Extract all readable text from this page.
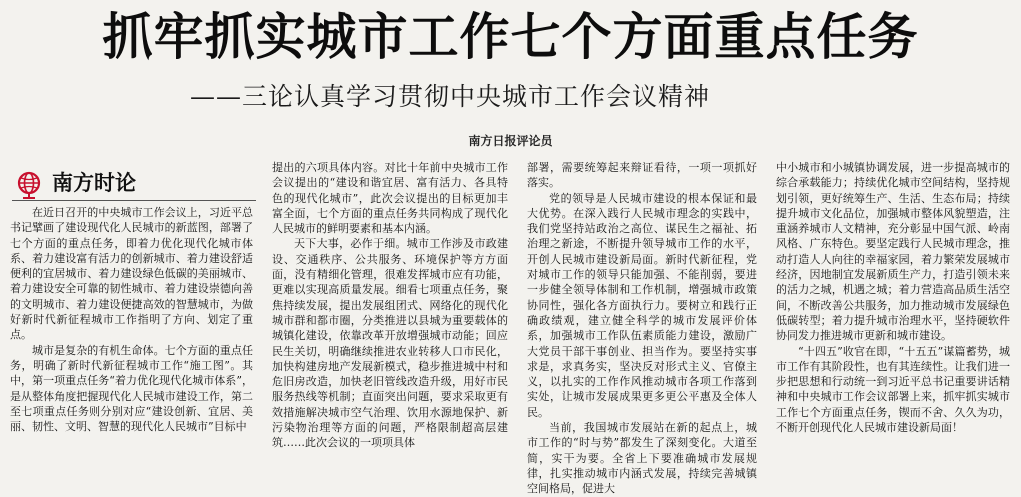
抓牢抓实城市工作七个方面重点任务
——三论认真学习贯彻中央城市工作会议精神
南方日报评论员
南方时论

在近日召开的中央城市工作会议上，习近平总书记擘画了建设现代化人民城市的新蓝图，部署了七个方面的重点任务，即着力优化现代化城市体系、着力建设富有活力的创新城市、着力建设舒适便利的宜居城市、着力建设绿色低碳的美丽城市、着力建设安全可靠的韧性城市、着力建设崇德向善的文明城市、着力建设便捷高效的智慧城市，为做好新时代新征程城市工作指明了方向、划定了重点。

城市是复杂的有机生命体。七个方面的重点任务，明确了新时代新征程城市工作“施工图”。其中，第一项重点任务“着力优化现代化城市体系”，是从整体角度把握现代化人民城市建设工作，第二至七项重点任务则分别对应“建设创新、宜居、美丽、韧性、文明、智慧的现代化人民城市”目标中

提出的六项具体内容。对比十年前中央城市工作会议提出的“建设和谐宜居、富有活力、各具特色的现代化城市”，此次会议提出的目标更加丰富全面，七个方面的重点任务共同构成了现代化人民城市的鲜明要素和基本内涵。

天下大事，必作于细。城市工作涉及市政建设、交通秩序、公共服务、环境保护等方方面面，没有精细化管理，很难发挥城市应有功能，更难以实现高质量发展。细看七项重点任务，聚焦持续发展，提出发展组团式、网络化的现代化城市群和都市圈，分类推进以县城为重要载体的城镇化建设，依靠改革开放增强城市动能；回应民生关切，明确继续推进农业转移人口市民化，加快构建房地产发展新模式，稳步推进城中村和危旧房改造，加快老旧管线改造升级，用好市民服务热线等机制；直面突出问题，要求采取更有效措施解决城市空气治理、饮用水源地保护、新污染物治理等方面的问题，严格限制超高层建筑……此次会议的一项项具体

部署，需要统筹起来辩证看待，一项一项抓好落实。

党的领导是人民城市建设的根本保证和最大优势。在深入践行人民城市理念的实践中，我们党坚持站政治之高位、谋民生之福祉、拓治理之新途，不断提升领导城市工作的水平，开创人民城市建设新局面。新时代新征程，党对城市工作的领导只能加强、不能削弱，要进一步健全领导体制和工作机制，增强城市政策协同性，强化各方面执行力。要树立和践行正确政绩观，建立健全科学的城市发展评价体系，加强城市工作队伍素质能力建设，激励广大党员干部干事创业、担当作为。要坚持实事求是，求真务实，坚决反对形式主义、官僚主义，以扎实的工作作风推动城市各项工作落到实处，让城市发展成果更多更公平惠及全体人民。

当前，我国城市发展站在新的起点上，城市工作的“时与势”都发生了深刻变化。大道至简，实干为要。全省上下要准确城市发展规律，扎实推动城市内涵式发展，持续完善城镇空间格局，促进大

中小城市和小城镇协调发展，进一步提高城市的综合承载能力；持续优化城市空间结构，坚持规划引领，更好统筹生产、生活、生态布局；持续提升城市文化品位，加强城市整体风貌塑造，注重涵养城市人文精神，充分彰显中国气派、岭南风格、广东特色。要坚定践行人民城市理念，推动打造人人向往的幸福家园，着力繁荣发展城市经济，因地制宜发展新质生产力，打造引领未来的活力之城，机遇之城；着力营造高品质生活空间，不断改善公共服务，加力推动城市发展绿色低碳转型；着力提升城市治理水平，坚持硬软件协同发力推进城市更新和城市建设。

“十四五”收官在即，“十五五”谋篇蓄势，城市工作有其阶段性，也有其连续性。让我们进一步把思想和行动统一到习近平总书记重要讲话精神和中央城市工作会议部署上来，抓牢抓实城市工作七个方面重点任务，锲而不舍、久久为功，不断开创现代化人民城市建设新局面！
